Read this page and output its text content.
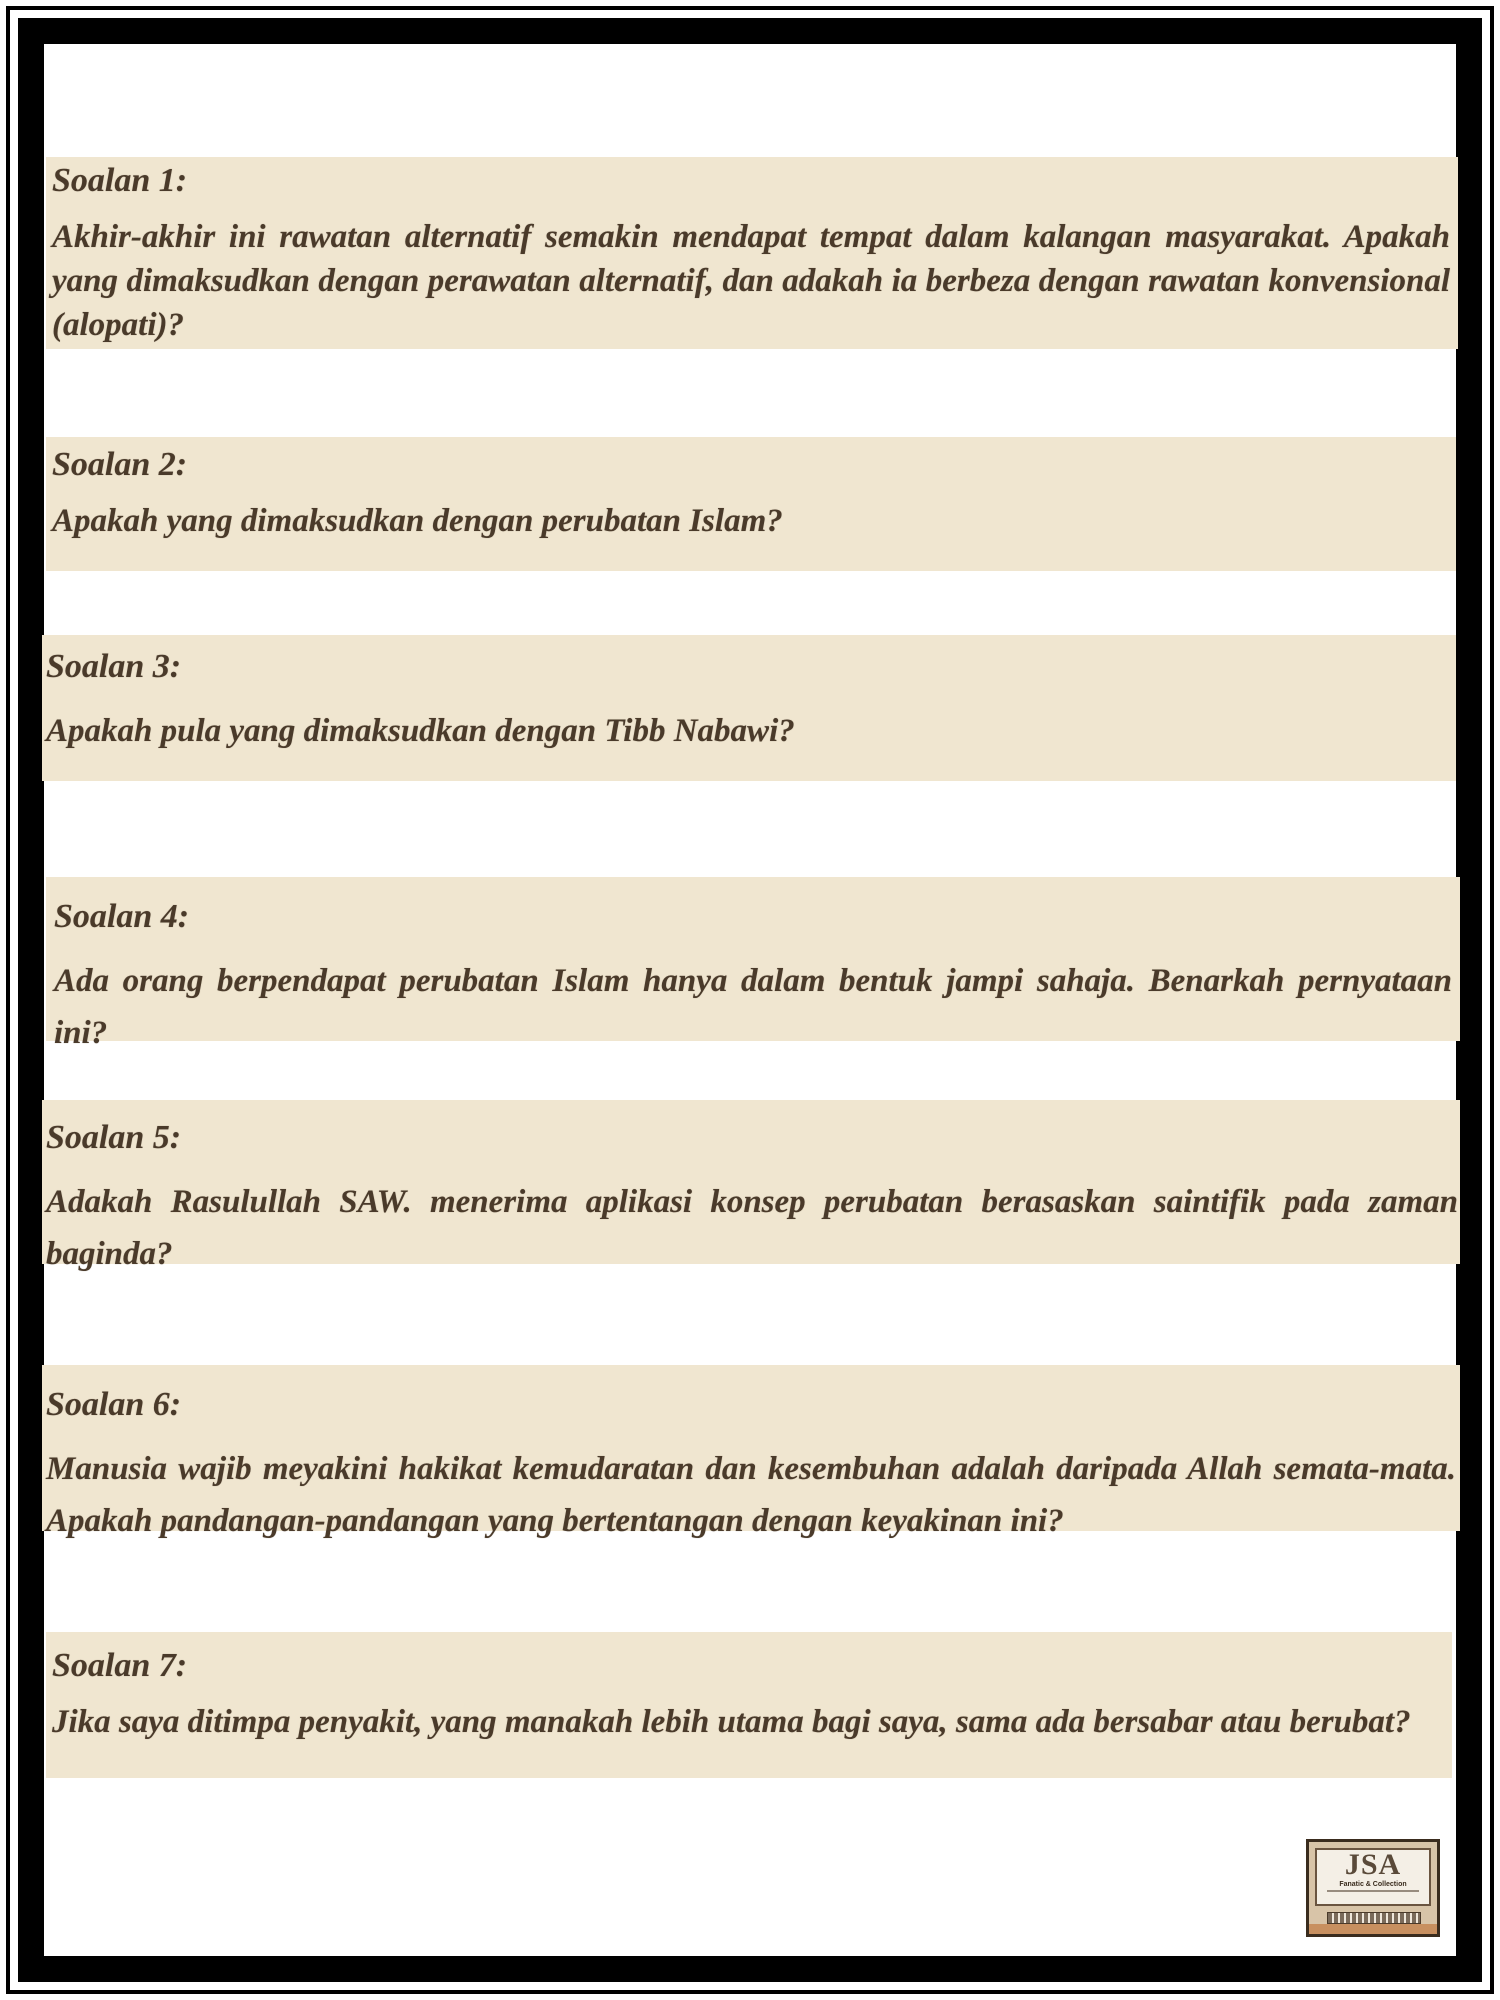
Soalan 1:
Akhir-akhir ini rawatan alternatif semakin mendapat tempat dalam kalangan masyarakat. Apakah yang dimaksudkan dengan perawatan alternatif, dan adakah ia berbeza dengan rawatan konvensional (alopati)?
Soalan 2:
Apakah yang dimaksudkan dengan perubatan Islam?
Soalan 3:
Apakah pula yang dimaksudkan dengan Tibb Nabawi?
Soalan 4:
Ada orang berpendapat perubatan Islam hanya dalam bentuk jampi sahaja. Benarkah pernyataan ini?
Soalan 5:
Adakah Rasulullah SAW. menerima aplikasi konsep perubatan berasaskan saintifik pada zaman baginda?
Soalan 6:
Manusia wajib meyakini hakikat kemudaratan dan kesembuhan adalah daripada Allah semata-mata. Apakah pandangan-pandangan yang bertentangan dengan keyakinan ini?
Soalan 7:
Jika saya ditimpa penyakit, yang manakah lebih utama bagi saya, sama ada bersabar atau berubat?
JSA
Fanatic & Collection
